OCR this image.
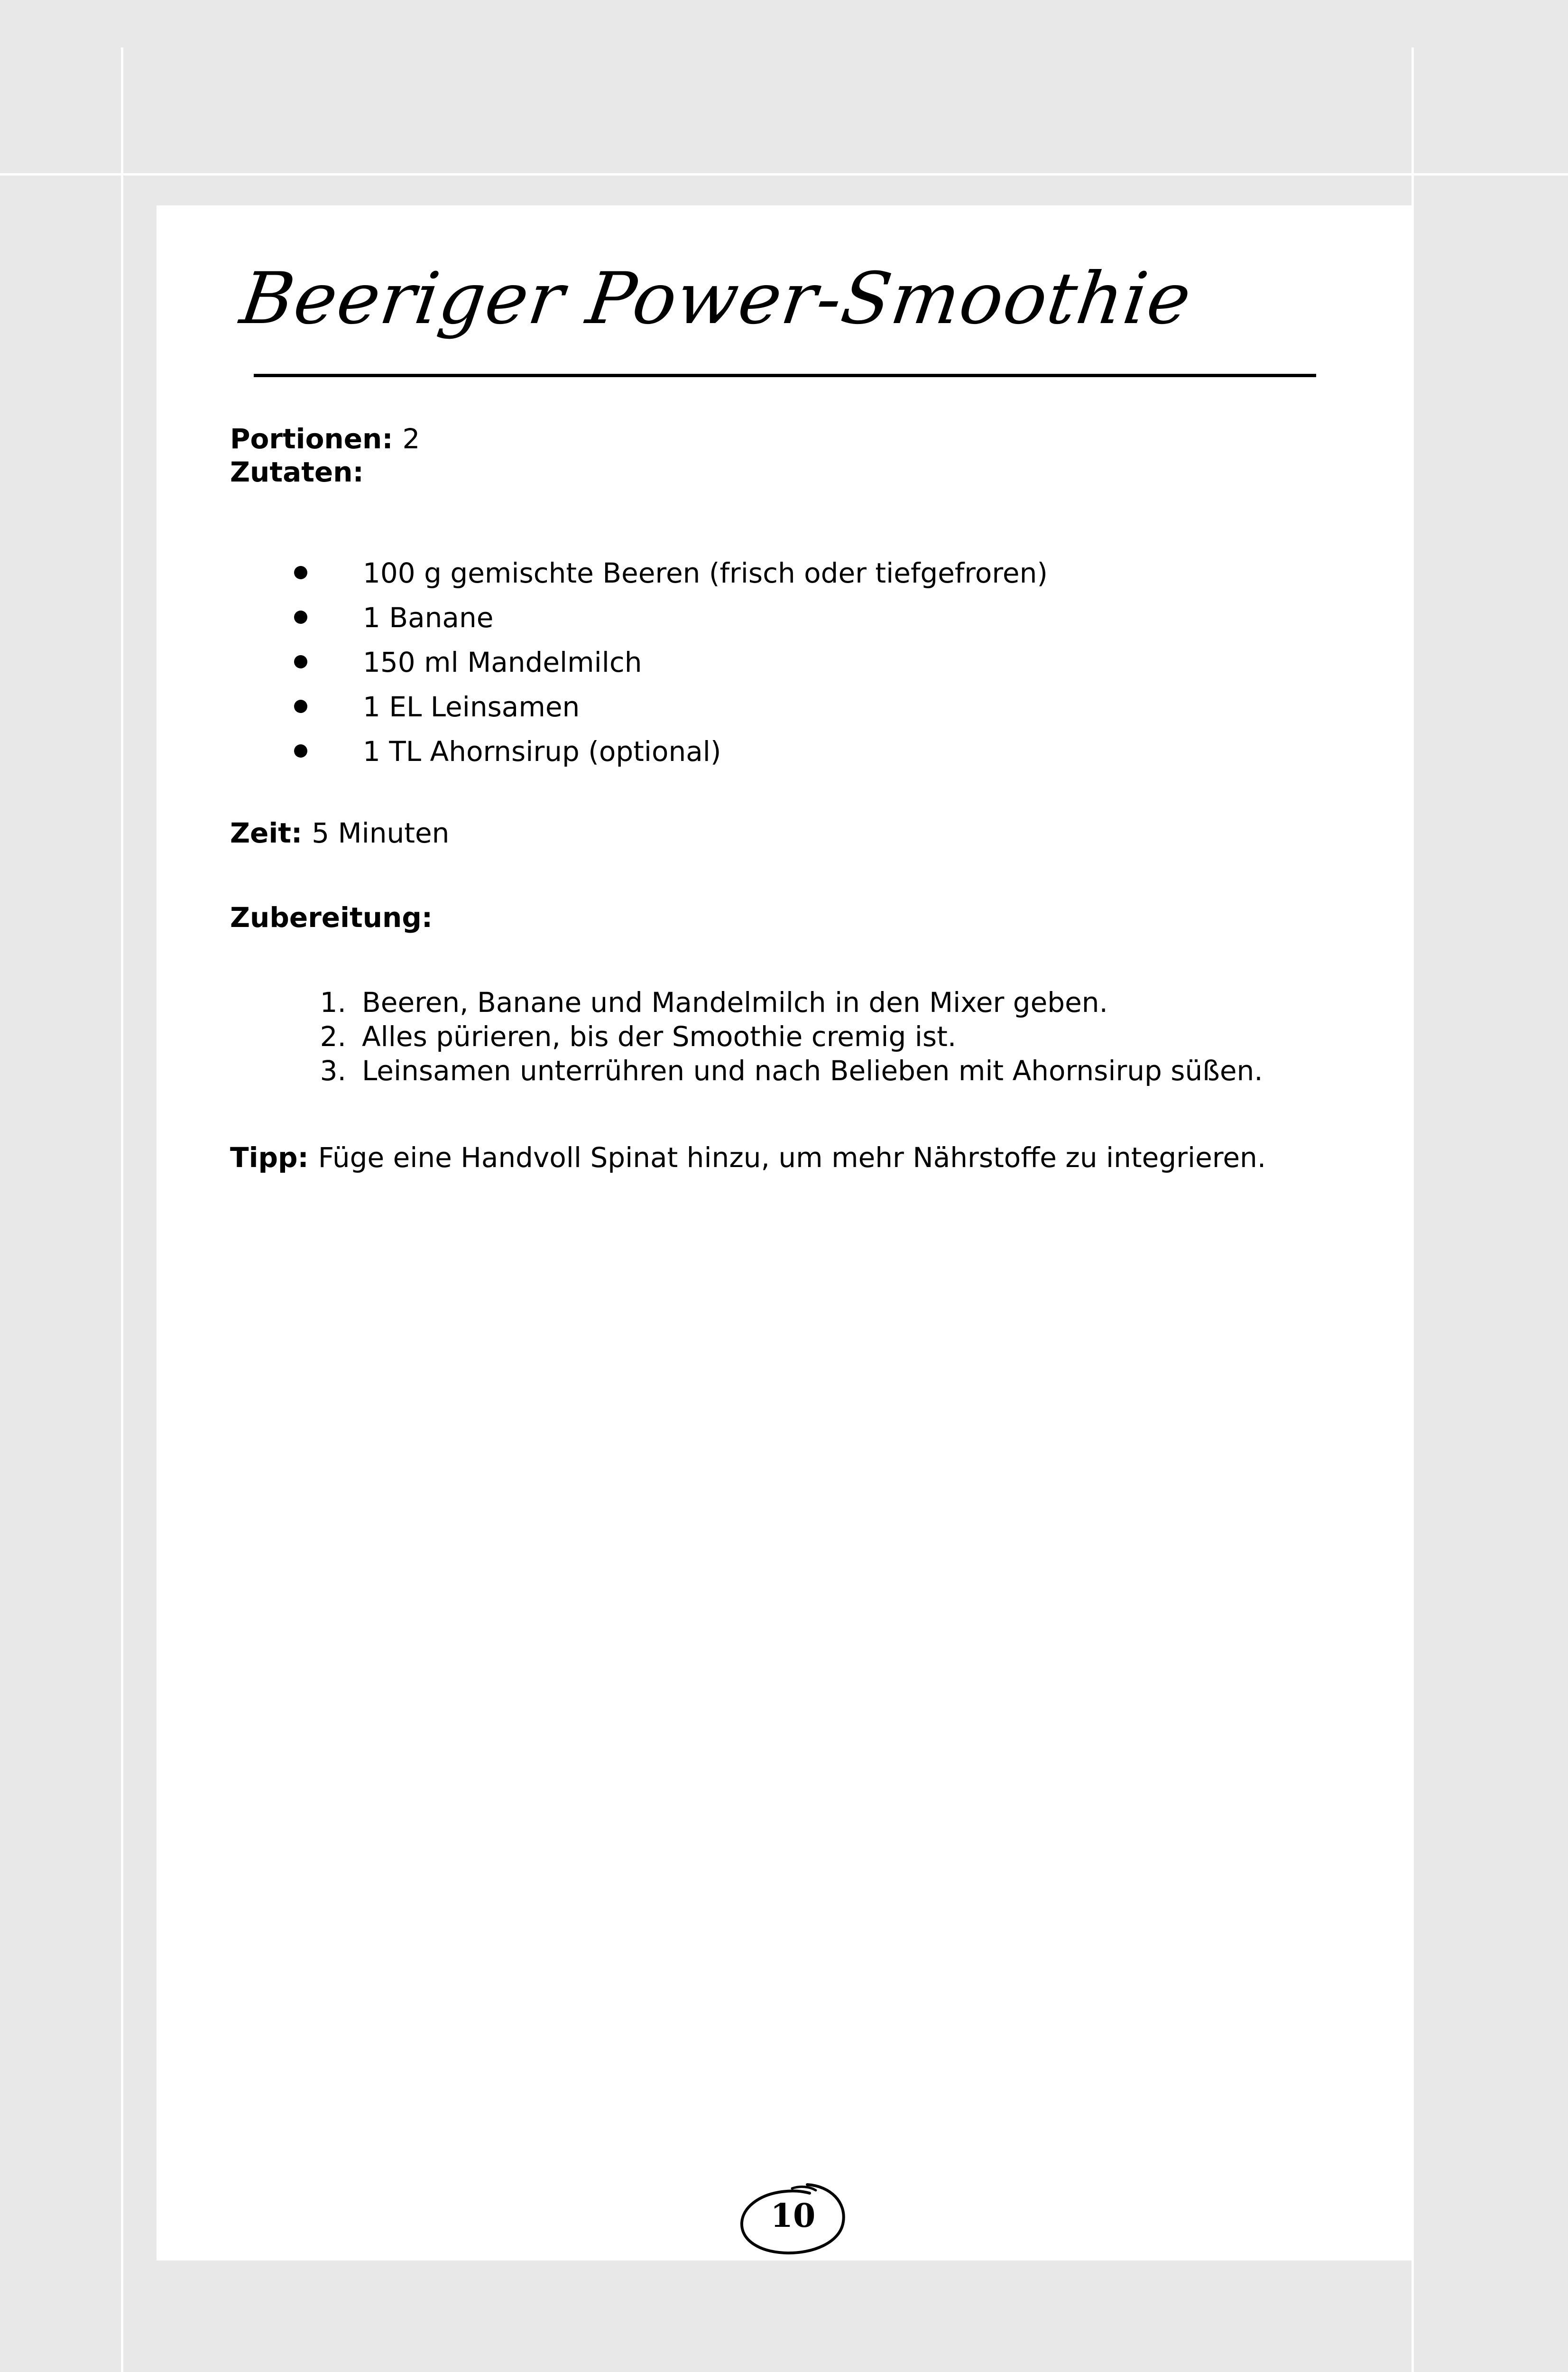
Beeriger Power-Smoothie
Portionen: 2
Zutaten:
100 g gemischte Beeren (frisch oder tiefgefroren)
1 Banane
150 ml Mandelmilch
1 EL Leinsamen
1 TL Ahornsirup (optional)
Zeit: 5 Minuten
Zubereitung:
1. Beeren, Banane und Mandelmilch in den Mixer geben.
2. Alles pürieren, bis der Smoothie cremig ist.
3. Leinsamen unterrühren und nach Belieben mit Ahornsirup süßen.
Tipp: Füge eine Handvoll Spinat hinzu, um mehr Nährstoffe zu integrieren.
10
